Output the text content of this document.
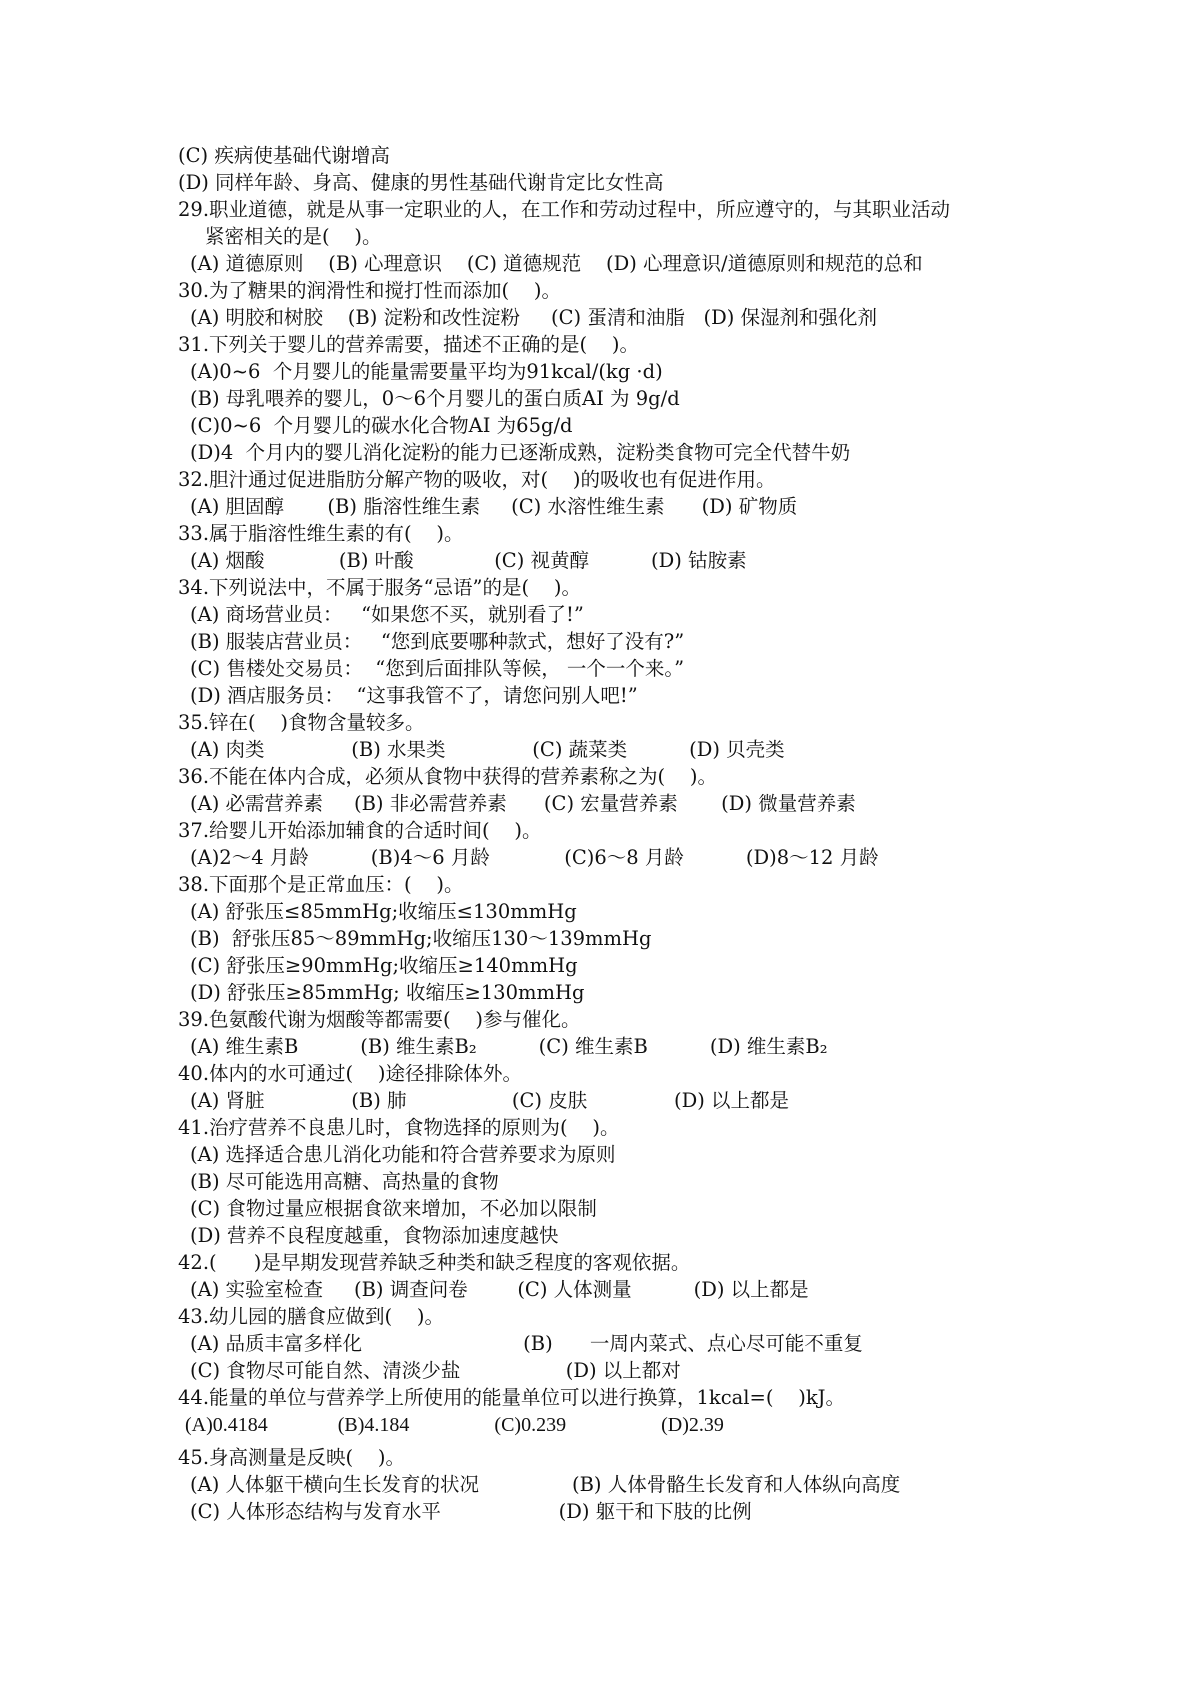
(C) 疾病使基础代谢增高
(D) 同样年龄、身高、健康的男性基础代谢肯定比女性高
29.职业道德，就是从事一定职业的人，在工作和劳动过程中，所应遵守的，与其职业活动
紧密相关的是(    )。
(A) 道德原则    (B) 心理意识    (C) 道德规范    (D) 心理意识/道德原则和规范的总和
30.为了糖果的润滑性和搅打性而添加(    )。
(A) 明胶和树胶    (B) 淀粉和改性淀粉     (C) 蛋清和油脂   (D) 保湿剂和强化剂
31.下列关于婴儿的营养需要，描述不正确的是(    )。
(A)0~6  个月婴儿的能量需要量平均为91kcal/(kg ·d)
(B) 母乳喂养的婴儿，0～6个月婴儿的蛋白质AI 为 9g/d
(C)0~6  个月婴儿的碳水化合物AI 为65g/d
(D)4  个月内的婴儿消化淀粉的能力已逐渐成熟，淀粉类食物可完全代替牛奶
32.胆汁通过促进脂肪分解产物的吸收，对(    )的吸收也有促进作用。
(A) 胆固醇       (B) 脂溶性维生素     (C) 水溶性维生素      (D) 矿物质
33.属于脂溶性维生素的有(    )。
(A) 烟酸            (B) 叶酸             (C) 视黄醇          (D) 钴胺素
34.下列说法中，不属于服务“忌语”的是(    )。
(A) 商场营业员：   “如果您不买，就别看了!”
(B) 服装店营业员：   “您到底要哪种款式，想好了没有?”
(C) 售楼处交易员：  “您到后面排队等候， 一个一个来。”
(D) 酒店服务员：  “这事我管不了，请您问别人吧!”
35.锌在(    )食物含量较多。
(A) 肉类              (B) 水果类              (C) 蔬菜类          (D) 贝壳类
36.不能在体内合成，必须从食物中获得的营养素称之为(    )。
(A) 必需营养素     (B) 非必需营养素      (C) 宏量营养素       (D) 微量营养素
37.给婴儿开始添加辅食的合适时间(    )。
(A)2～4 月龄          (B)4～6 月龄            (C)6～8 月龄          (D)8～12 月龄
38.下面那个是正常血压：(    )。
(A) 舒张压≤85mmHg;收缩压≤130mmHg
(B)  舒张压85～89mmHg;收缩压130～139mmHg
(C) 舒张压≥90mmHg;收缩压≥140mmHg
(D) 舒张压≥85mmHg; 收缩压≥130mmHg
39.色氨酸代谢为烟酸等都需要(    )参与催化。
(A) 维生素B          (B) 维生素B₂          (C) 维生素B          (D) 维生素B₂
40.体内的水可通过(    )途径排除体外。
(A) 肾脏              (B) 肺                 (C) 皮肤              (D) 以上都是
41.治疗营养不良患儿时，食物选择的原则为(    )。
(A) 选择适合患儿消化功能和符合营养要求为原则
(B) 尽可能选用高糖、高热量的食物
(C) 食物过量应根据食欲来增加，不必加以限制
(D) 营养不良程度越重，食物添加速度越快
42.(      )是早期发现营养缺乏种类和缺乏程度的客观依据。
(A) 实验室检查     (B) 调查问卷        (C) 人体测量          (D) 以上都是
43.幼儿园的膳食应做到(    )。
(A) 品质丰富多样化                          (B)      一周内菜式、点心尽可能不重复
(C) 食物尽可能自然、清淡少盐                 (D) 以上都对
44.能量的单位与营养学上所使用的能量单位可以进行换算，1kcal=(    )kJ。
(A)0.4184              (B)4.184                 (C)0.239                   (D)2.39
45.身高测量是反映(    )。
(A) 人体躯干横向生长发育的状况               (B) 人体骨骼生长发育和人体纵向高度
(C) 人体形态结构与发育水平                   (D) 躯干和下肢的比例
